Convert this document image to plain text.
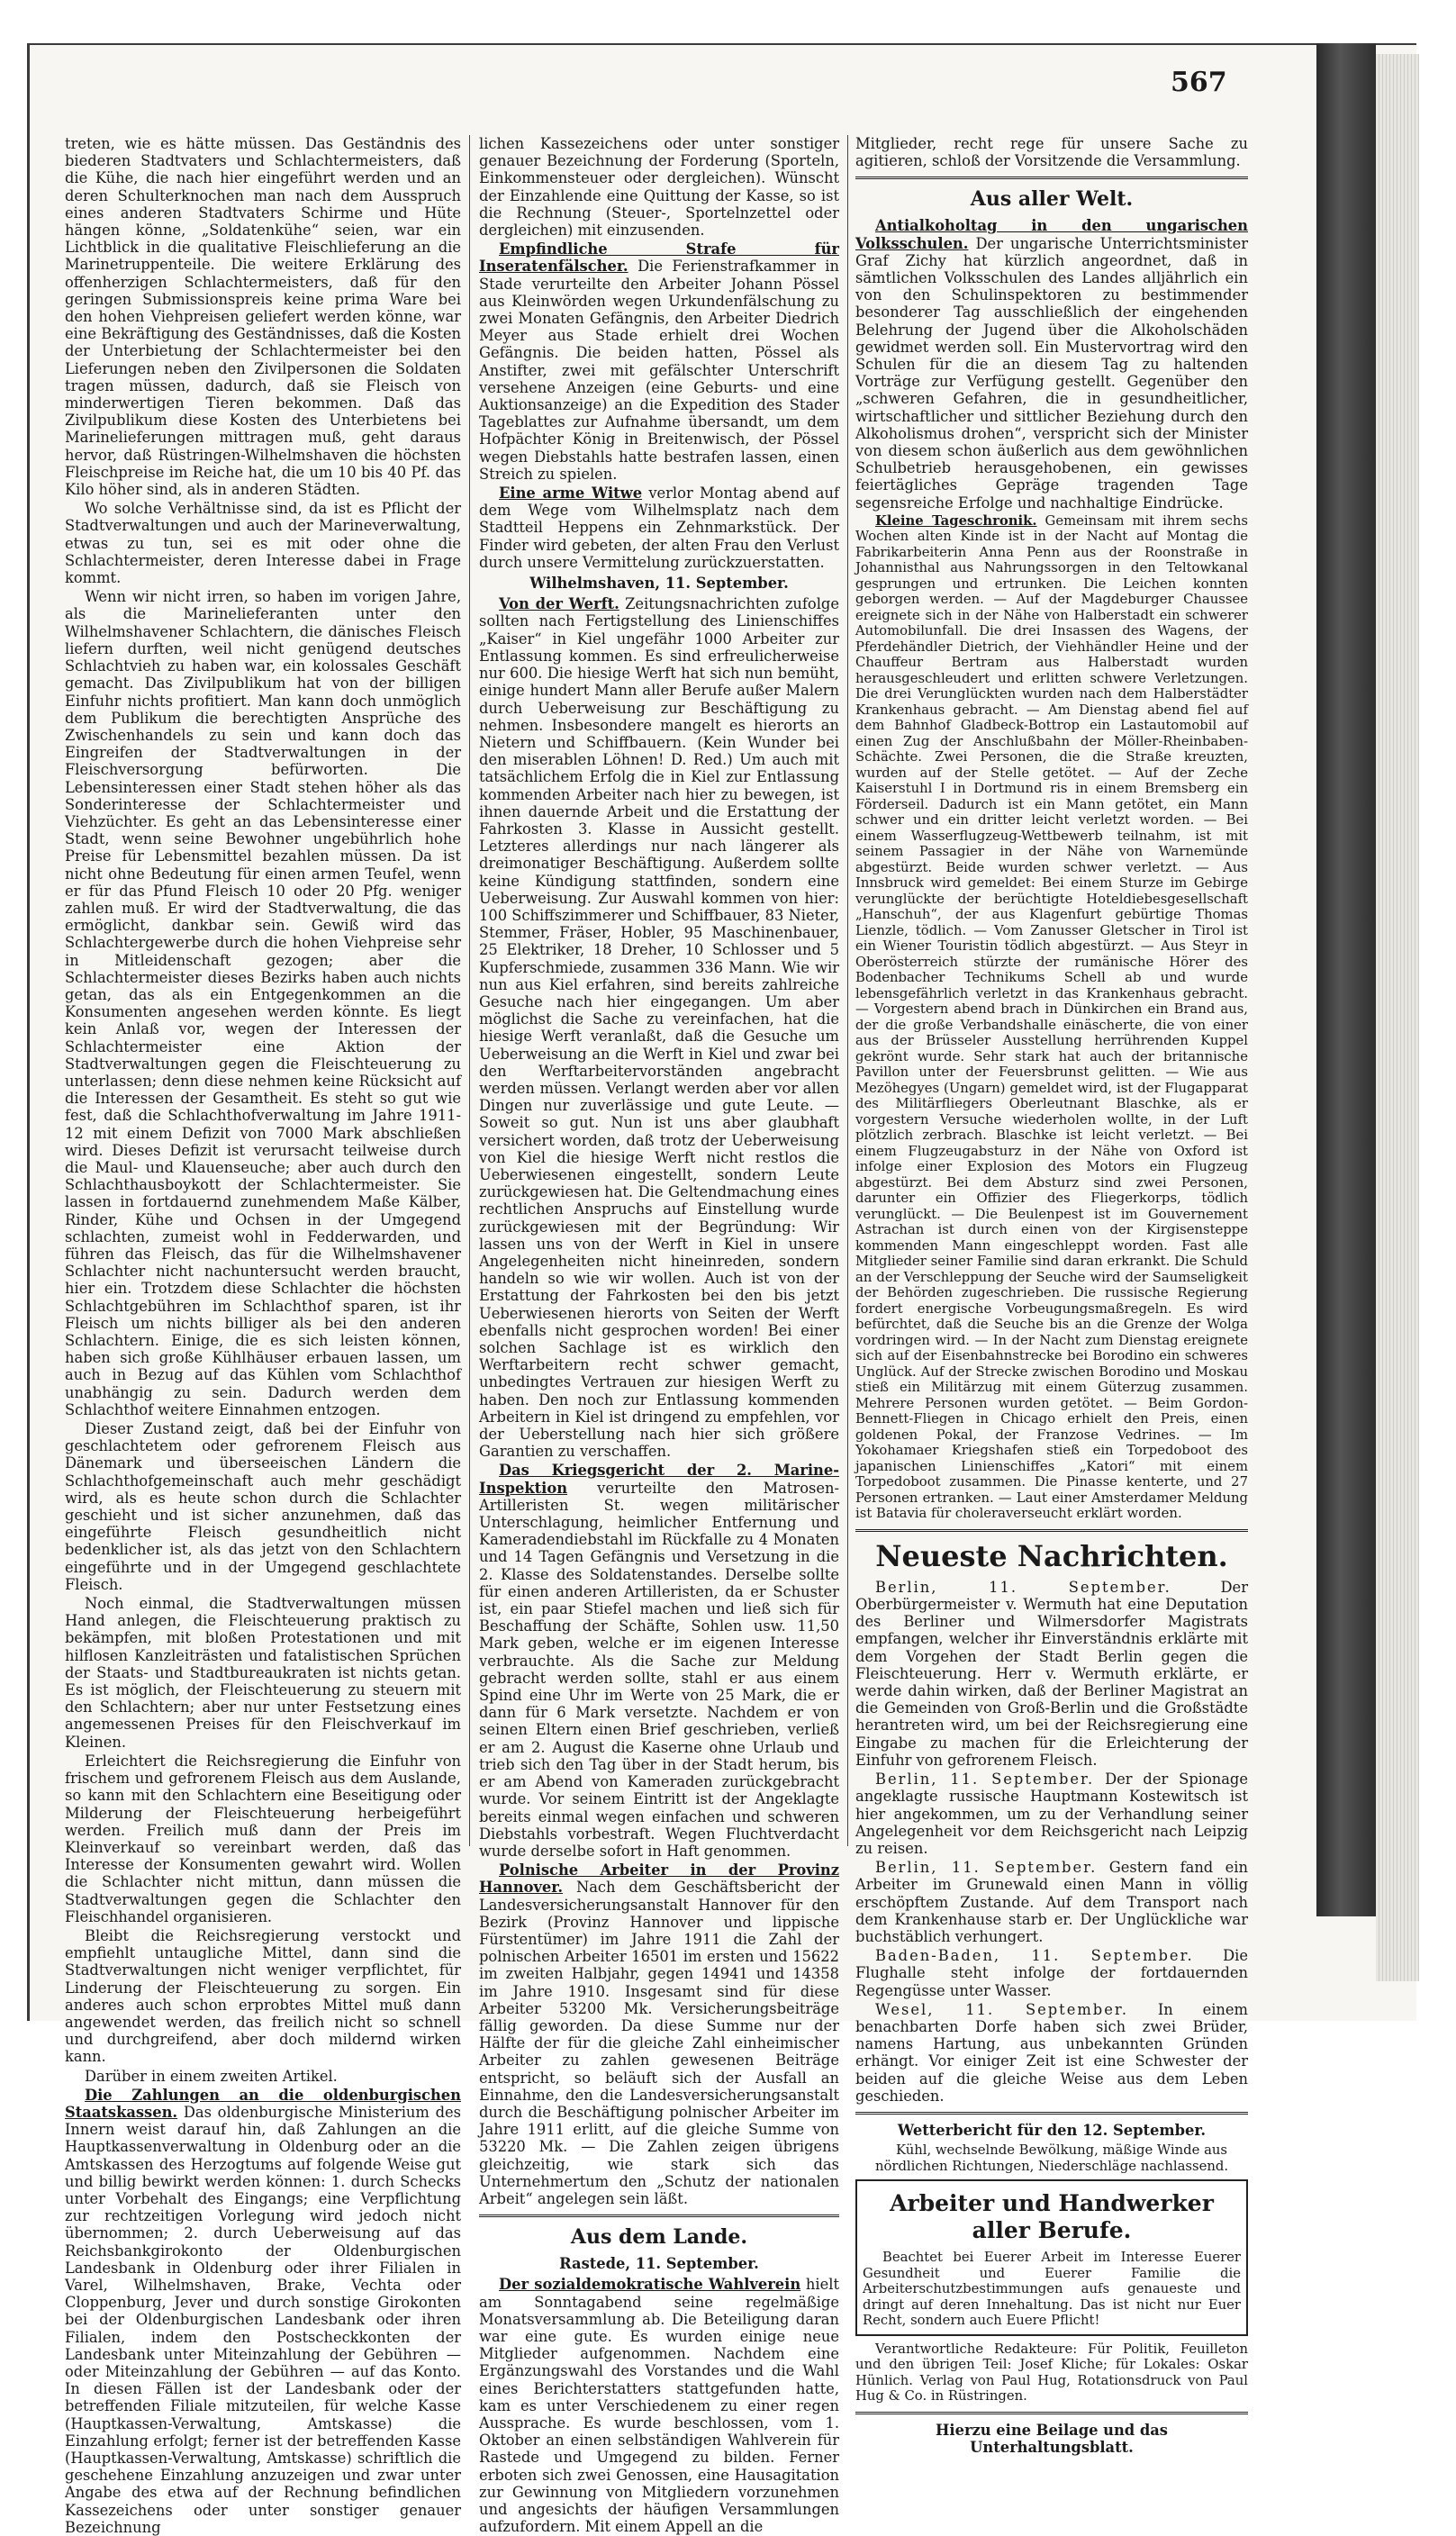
567

treten, wie es hätte müssen. Das Geständnis des biederen Stadtvaters und Schlachtermeisters, daß die Kühe, die nach hier eingeführt werden und an deren Schulterknochen man nach dem Ausspruch eines anderen Stadtvaters Schirme und Hüte hängen könne, „Soldatenkühe“ seien, war ein Lichtblick in die qualitative Fleischlieferung an die Marinetruppenteile. Die weitere Erklärung des offenherzigen Schlachtermeisters, daß für den geringen Submissionspreis keine prima Ware bei den hohen Viehpreisen geliefert werden könne, war eine Bekräftigung des Geständnisses, daß die Kosten der Unterbietung der Schlachtermeister bei den Lieferungen neben den Zivilpersonen die Soldaten tragen müssen, dadurch, daß sie Fleisch von minderwertigen Tieren bekommen. Daß das Zivilpublikum diese Kosten des Unterbietens bei Marinelieferungen mittragen muß, geht daraus hervor, daß Rüstringen-Wilhelmshaven die höchsten Fleischpreise im Reiche hat, die um 10 bis 40 Pf. das Kilo höher sind, als in anderen Städten.

Wo solche Verhältnisse sind, da ist es Pflicht der Stadtverwaltungen und auch der Marineverwaltung, etwas zu tun, sei es mit oder ohne die Schlachtermeister, deren Interesse dabei in Frage kommt.

Wenn wir nicht irren, so haben im vorigen Jahre, als die Marinelieferanten unter den Wilhelmshavener Schlachtern, die dänisches Fleisch liefern durften, weil nicht genügend deutsches Schlachtvieh zu haben war, ein kolossales Geschäft gemacht. Das Zivilpublikum hat von der billigen Einfuhr nichts profitiert. Man kann doch unmöglich dem Publikum die berechtigten Ansprüche des Zwischenhandels zu sein und kann doch das Eingreifen der Stadtverwaltungen in der Fleischversorgung befürworten. Die Lebensinteressen einer Stadt stehen höher als das Sonderinteresse der Schlachtermeister und Viehzüchter. Es geht an das Lebensinteresse einer Stadt, wenn seine Bewohner ungebührlich hohe Preise für Lebensmittel bezahlen müssen. Da ist nicht ohne Bedeutung für einen armen Teufel, wenn er für das Pfund Fleisch 10 oder 20 Pfg. weniger zahlen muß. Er wird der Stadtverwaltung, die das ermöglicht, dankbar sein. Gewiß wird das Schlachtergewerbe durch die hohen Viehpreise sehr in Mitleidenschaft gezogen; aber die Schlachtermeister dieses Bezirks haben auch nichts getan, das als ein Entgegenkommen an die Konsumenten angesehen werden könnte. Es liegt kein Anlaß vor, wegen der Interessen der Schlachtermeister eine Aktion der Stadtverwaltungen gegen die Fleischteuerung zu unterlassen; denn diese nehmen keine Rücksicht auf die Interessen der Gesamtheit. Es steht so gut wie fest, daß die Schlachthofverwaltung im Jahre 1911-12 mit einem Defizit von 7000 Mark abschließen wird. Dieses Defizit ist verursacht teilweise durch die Maul- und Klauenseuche; aber auch durch den Schlachthausboykott der Schlachtermeister. Sie lassen in fortdauernd zunehmendem Maße Kälber, Rinder, Kühe und Ochsen in der Umgegend schlachten, zumeist wohl in Fedderwarden, und führen das Fleisch, das für die Wilhelmshavener Schlachter nicht nachuntersucht werden braucht, hier ein. Trotzdem diese Schlachter die höchsten Schlachtgebühren im Schlachthof sparen, ist ihr Fleisch um nichts billiger als bei den anderen Schlachtern. Einige, die es sich leisten können, haben sich große Kühlhäuser erbauen lassen, um auch in Bezug auf das Kühlen vom Schlachthof unabhängig zu sein. Dadurch werden dem Schlachthof weitere Einnahmen entzogen.

Dieser Zustand zeigt, daß bei der Einfuhr von geschlachtetem oder gefrorenem Fleisch aus Dänemark und überseeischen Ländern die Schlachthofgemeinschaft auch mehr geschädigt wird, als es heute schon durch die Schlachter geschieht und ist sicher anzunehmen, daß das eingeführte Fleisch gesundheitlich nicht bedenklicher ist, als das jetzt von den Schlachtern eingeführte und in der Umgegend geschlachtete Fleisch.

Noch einmal, die Stadtverwaltungen müssen Hand anlegen, die Fleischteuerung praktisch zu bekämpfen, mit bloßen Protestationen und mit hilflosen Kanzleiträsten und fatalistischen Sprüchen der Staats- und Stadtbureaukraten ist nichts getan. Es ist möglich, der Fleischteuerung zu steuern mit den Schlachtern; aber nur unter Festsetzung eines angemessenen Preises für den Fleischverkauf im Kleinen.

Erleichtert die Reichsregierung die Einfuhr von frischem und gefrorenem Fleisch aus dem Auslande, so kann mit den Schlachtern eine Beseitigung oder Milderung der Fleischteuerung herbeigeführt werden. Freilich muß dann der Preis im Kleinverkauf so vereinbart werden, daß das Interesse der Konsumenten gewahrt wird. Wollen die Schlachter nicht mittun, dann müssen die Stadtverwaltungen gegen die Schlachter den Fleischhandel organisieren.

Bleibt die Reichsregierung verstockt und empfiehlt untaugliche Mittel, dann sind die Stadtverwaltungen nicht weniger verpflichtet, für Linderung der Fleischteuerung zu sorgen. Ein anderes auch schon erprobtes Mittel muß dann angewendet werden, das freilich nicht so schnell und durchgreifend, aber doch mildernd wirken kann.

Darüber in einem zweiten Artikel.

Die Zahlungen an die oldenburgischen Staatskassen. Das oldenburgische Ministerium des Innern weist darauf hin, daß Zahlungen an die Hauptkassenverwaltung in Oldenburg oder an die Amtskassen des Herzogtums auf folgende Weise gut und billig bewirkt werden können: 1. durch Schecks unter Vorbehalt des Eingangs; eine Verpflichtung zur rechtzeitigen Vorlegung wird jedoch nicht übernommen; 2. durch Ueberweisung auf das Reichsbankgirokonto der Oldenburgischen Landesbank in Oldenburg oder ihrer Filialen in Varel, Wilhelmshaven, Brake, Vechta oder Cloppenburg, Jever und durch sonstige Girokonten bei der Oldenburgischen Landesbank oder ihren Filialen, indem den Postscheckkonten der Landesbank unter Miteinzahlung der Gebühren — oder Miteinzahlung der Gebühren — auf das Konto. In diesen Fällen ist der Landesbank oder der betreffenden Filiale mitzuteilen, für welche Kasse (Hauptkassen-Verwaltung, Amtskasse) die Einzahlung erfolgt; ferner ist der betreffenden Kasse (Hauptkassen-Verwaltung, Amtskasse) schriftlich die geschehene Einzahlung anzuzeigen und zwar unter Angabe des etwa auf der Rechnung befindlichen Kassezeichens oder unter sonstiger genauer Bezeichnung

lichen Kassezeichens oder unter sonstiger genauer Bezeichnung der Forderung (Sporteln, Einkommensteuer oder dergleichen). Wünscht der Einzahlende eine Quittung der Kasse, so ist die Rechnung (Steuer-, Sportelnzettel oder dergleichen) mit einzusenden.

Empfindliche Strafe für Inseratenfälscher. Die Ferienstrafkammer in Stade verurteilte den Arbeiter Johann Pössel aus Kleinwörden wegen Urkundenfälschung zu zwei Monaten Gefängnis, den Arbeiter Diedrich Meyer aus Stade erhielt drei Wochen Gefängnis. Die beiden hatten, Pössel als Anstifter, zwei mit gefälschter Unterschrift versehene Anzeigen (eine Geburts- und eine Auktionsanzeige) an die Expedition des Stader Tageblattes zur Aufnahme übersandt, um dem Hofpächter König in Breitenwisch, der Pössel wegen Diebstahls hatte bestrafen lassen, einen Streich zu spielen.

Eine arme Witwe verlor Montag abend auf dem Wege vom Wilhelmsplatz nach dem Stadtteil Heppens ein Zehnmarkstück. Der Finder wird gebeten, der alten Frau den Verlust durch unsere Vermittelung zurückzuerstatten.

Wilhelmshaven, 11. September.

Von der Werft. Zeitungsnachrichten zufolge sollten nach Fertigstellung des Linienschiffes „Kaiser“ in Kiel ungefähr 1000 Arbeiter zur Entlassung kommen. Es sind erfreulicherweise nur 600. Die hiesige Werft hat sich nun bemüht, einige hundert Mann aller Berufe außer Malern durch Ueberweisung zur Beschäftigung zu nehmen. Insbesondere mangelt es hierorts an Nietern und Schiffbauern. (Kein Wunder bei den miserablen Löhnen! D. Red.) Um auch mit tatsächlichem Erfolg die in Kiel zur Entlassung kommenden Arbeiter nach hier zu bewegen, ist ihnen dauernde Arbeit und die Erstattung der Fahrkosten 3. Klasse in Aussicht gestellt. Letzteres allerdings nur nach längerer als dreimonatiger Beschäftigung. Außerdem sollte keine Kündigung stattfinden, sondern eine Ueberweisung. Zur Auswahl kommen von hier: 100 Schiffszimmerer und Schiffbauer, 83 Nieter, Stemmer, Fräser, Hobler, 95 Maschinenbauer, 25 Elektriker, 18 Dreher, 10 Schlosser und 5 Kupferschmiede, zusammen 336 Mann. Wie wir nun aus Kiel erfahren, sind bereits zahlreiche Gesuche nach hier eingegangen. Um aber möglichst die Sache zu vereinfachen, hat die hiesige Werft veranlaßt, daß die Gesuche um Ueberweisung an die Werft in Kiel und zwar bei den Werftarbeitervorständen angebracht werden müssen. Verlangt werden aber vor allen Dingen nur zuverlässige und gute Leute. — Soweit so gut. Nun ist uns aber glaubhaft versichert worden, daß trotz der Ueberweisung von Kiel die hiesige Werft nicht restlos die Ueberwiesenen eingestellt, sondern Leute zurückgewiesen hat. Die Geltendmachung eines rechtlichen Anspruchs auf Einstellung wurde zurückgewiesen mit der Begründung: Wir lassen uns von der Werft in Kiel in unsere Angelegenheiten nicht hineinreden, sondern handeln so wie wir wollen. Auch ist von der Erstattung der Fahrkosten bei den bis jetzt Ueberwiesenen hierorts von Seiten der Werft ebenfalls nicht gesprochen worden! Bei einer solchen Sachlage ist es wirklich den Werftarbeitern recht schwer gemacht, unbedingtes Vertrauen zur hiesigen Werft zu haben. Den noch zur Entlassung kommenden Arbeitern in Kiel ist dringend zu empfehlen, vor der Ueberstellung nach hier sich größere Garantien zu verschaffen.

Das Kriegsgericht der 2. Marine-Inspektion verurteilte den Matrosen-Artilleristen St. wegen militärischer Unterschlagung, heimlicher Entfernung und Kameradendiebstahl im Rückfalle zu 4 Monaten und 14 Tagen Gefängnis und Versetzung in die 2. Klasse des Soldatenstandes. Derselbe sollte für einen anderen Artilleristen, da er Schuster ist, ein paar Stiefel machen und ließ sich für Beschaffung der Schäfte, Sohlen usw. 11,50 Mark geben, welche er im eigenen Interesse verbrauchte. Als die Sache zur Meldung gebracht werden sollte, stahl er aus einem Spind eine Uhr im Werte von 25 Mark, die er dann für 6 Mark versetzte. Nachdem er von seinen Eltern einen Brief geschrieben, verließ er am 2. August die Kaserne ohne Urlaub und trieb sich den Tag über in der Stadt herum, bis er am Abend von Kameraden zurückgebracht wurde. Vor seinem Eintritt ist der Angeklagte bereits einmal wegen einfachen und schweren Diebstahls vorbestraft. Wegen Fluchtverdacht wurde derselbe sofort in Haft genommen.

Polnische Arbeiter in der Provinz Hannover. Nach dem Geschäftsbericht der Landesversicherungsanstalt Hannover für den Bezirk (Provinz Hannover und lippische Fürstentümer) im Jahre 1911 die Zahl der polnischen Arbeiter 16501 im ersten und 15622 im zweiten Halbjahr, gegen 14941 und 14358 im Jahre 1910. Insgesamt sind für diese Arbeiter 53200 Mk. Versicherungsbeiträge fällig geworden. Da diese Summe nur der Hälfte der für die gleiche Zahl einheimischer Arbeiter zu zahlen gewesenen Beiträge entspricht, so beläuft sich der Ausfall an Einnahme, den die Landesversicherungsanstalt durch die Beschäftigung polnischer Arbeiter im Jahre 1911 erlitt, auf die gleiche Summe von 53220 Mk. — Die Zahlen zeigen übrigens gleichzeitig, wie stark sich das Unternehmertum den „Schutz der nationalen Arbeit“ angelegen sein läßt.

Aus dem Lande.
Rastede, 11. September.

Der sozialdemokratische Wahlverein hielt am Sonntagabend seine regelmäßige Monatsversammlung ab. Die Beteiligung daran war eine gute. Es wurden einige neue Mitglieder aufgenommen. Nachdem eine Ergänzungswahl des Vorstandes und die Wahl eines Berichterstatters stattgefunden hatte, kam es unter Verschiedenem zu einer regen Aussprache. Es wurde beschlossen, vom 1. Oktober an einen selbständigen Wahlverein für Rastede und Umgegend zu bilden. Ferner erboten sich zwei Genossen, eine Hausagitation zur Gewinnung von Mitgliedern vorzunehmen und angesichts der häufigen Versammlungen aufzufordern. Mit einem Appell an die

Mitglieder, recht rege für unsere Sache zu agitieren, schloß der Vorsitzende die Versammlung.

Aus aller Welt.

Antialkoholtag in den ungarischen Volksschulen. Der ungarische Unterrichtsminister Graf Zichy hat kürzlich angeordnet, daß in sämtlichen Volksschulen des Landes alljährlich ein von den Schulinspektoren zu bestimmender besonderer Tag ausschließlich der eingehenden Belehrung der Jugend über die Alkoholschäden gewidmet werden soll. Ein Mustervortrag wird den Schulen für die an diesem Tag zu haltenden Vorträge zur Verfügung gestellt. Gegenüber den „schweren Gefahren, die in gesundheitlicher, wirtschaftlicher und sittlicher Beziehung durch den Alkoholismus drohen“, verspricht sich der Minister von diesem schon äußerlich aus dem gewöhnlichen Schulbetrieb herausgehobenen, ein gewisses feiertägliches Gepräge tragenden Tage segensreiche Erfolge und nachhaltige Eindrücke.

Kleine Tageschronik. Gemeinsam mit ihrem sechs Wochen alten Kinde ist in der Nacht auf Montag die Fabrikarbeiterin Anna Penn aus der Roonstraße in Johannisthal aus Nahrungssorgen in den Teltowkanal gesprungen und ertrunken. Die Leichen konnten geborgen werden. — Auf der Magdeburger Chaussee ereignete sich in der Nähe von Halberstadt ein schwerer Automobilunfall. Die drei Insassen des Wagens, der Pferdehändler Dietrich, der Viehhändler Heine und der Chauffeur Bertram aus Halberstadt wurden herausgeschleudert und erlitten schwere Verletzungen. Die drei Verunglückten wurden nach dem Halberstädter Krankenhaus gebracht. — Am Dienstag abend fiel auf dem Bahnhof Gladbeck-Bottrop ein Lastautomobil auf einen Zug der Anschlußbahn der Möller-Rheinbaben-Schächte. Zwei Personen, die die Straße kreuzten, wurden auf der Stelle getötet. — Auf der Zeche Kaiserstuhl I in Dortmund ris in einem Bremsberg ein Förderseil. Dadurch ist ein Mann getötet, ein Mann schwer und ein dritter leicht verletzt worden. — Bei einem Wasserflugzeug-Wettbewerb teilnahm, ist mit seinem Passagier in der Nähe von Warnemünde abgestürzt. Beide wurden schwer verletzt. — Aus Innsbruck wird gemeldet: Bei einem Sturze im Gebirge verunglückte der berüchtigte Hoteldiebesgesellschaft „Hanschuh“, der aus Klagenfurt gebürtige Thomas Lienzle, tödlich. — Vom Zanusser Gletscher in Tirol ist ein Wiener Touristin tödlich abgestürzt. — Aus Steyr in Oberösterreich stürzte der rumänische Hörer des Bodenbacher Technikums Schell ab und wurde lebensgefährlich verletzt in das Krankenhaus gebracht. — Vorgestern abend brach in Dünkirchen ein Brand aus, der die große Verbandshalle einäscherte, die von einer aus der Brüsseler Ausstellung herrührenden Kuppel gekrönt wurde. Sehr stark hat auch der britannische Pavillon unter der Feuersbrunst gelitten. — Wie aus Mezöhegyes (Ungarn) gemeldet wird, ist der Flugapparat des Militärfliegers Oberleutnant Blaschke, als er vorgestern Versuche wiederholen wollte, in der Luft plötzlich zerbrach. Blaschke ist leicht verletzt. — Bei einem Flugzeugabsturz in der Nähe von Oxford ist infolge einer Explosion des Motors ein Flugzeug abgestürzt. Bei dem Absturz sind zwei Personen, darunter ein Offizier des Fliegerkorps, tödlich verunglückt. — Die Beulenpest ist im Gouvernement Astrachan ist durch einen von der Kirgisensteppe kommenden Mann eingeschleppt worden. Fast alle Mitglieder seiner Familie sind daran erkrankt. Die Schuld an der Verschleppung der Seuche wird der Saumseligkeit der Behörden zugeschrieben. Die russische Regierung fordert energische Vorbeugungsmaßregeln. Es wird befürchtet, daß die Seuche bis an die Grenze der Wolga vordringen wird. — In der Nacht zum Dienstag ereignete sich auf der Eisenbahnstrecke bei Borodino ein schweres Unglück. Auf der Strecke zwischen Borodino und Moskau stieß ein Militärzug mit einem Güterzug zusammen. Mehrere Personen wurden getötet. — Beim Gordon-Bennett-Fliegen in Chicago erhielt den Preis, einen goldenen Pokal, der Franzose Vedrines. — Im Yokohamaer Kriegshafen stieß ein Torpedoboot des japanischen Linienschiffes „Katori“ mit einem Torpedoboot zusammen. Die Pinasse kenterte, und 27 Personen ertranken. — Laut einer Amsterdamer Meldung ist Batavia für choleraverseucht erklärt worden.

Neueste Nachrichten.

Berlin, 11. September.	Der Oberbürgermeister v. Wermuth hat eine Deputation des Berliner und Wilmersdorfer Magistrats empfangen, welcher ihr Einverständnis erklärte mit dem Vorgehen der Stadt Berlin gegen die Fleischteuerung. Herr v. Wermuth erklärte, er werde dahin wirken, daß der Berliner Magistrat an die Gemeinden von Groß-Berlin und die Großstädte herantreten wird, um bei der Reichsregierung eine Eingabe zu machen für die Erleichterung der Einfuhr von gefrorenem Fleisch.

Berlin, 11. September. Der der Spionage angeklagte russische Hauptmann Kostewitsch ist hier angekommen, um zu der Verhandlung seiner Angelegenheit vor dem Reichsgericht nach Leipzig zu reisen.

Berlin, 11. September. Gestern fand ein Arbeiter im Grunewald einen Mann in völlig erschöpftem Zustande. Auf dem Transport nach dem Krankenhause starb er. Der Unglückliche war buchstäblich verhungert.

Baden-Baden, 11. September. Die Flughalle steht infolge der fortdauernden Regengüsse unter Wasser.

Wesel, 11. September. In einem benachbarten Dorfe haben sich zwei Brüder, namens Hartung, aus unbekannten Gründen erhängt. Vor einiger Zeit ist eine Schwester der beiden auf die gleiche Weise aus dem Leben geschieden.

Wetterbericht für den 12. September.

Kühl, wechselnde Bewölkung, mäßige Winde aus nördlichen Richtungen, Niederschläge nachlassend.

Arbeiter und Handwerker aller Berufe.

Beachtet bei Euerer Arbeit im Interesse Euerer Gesundheit und Euerer Familie die Arbeiterschutzbestimmungen aufs genaueste und dringt auf deren Innehaltung. Das ist nicht nur Euer Recht, sondern auch Euere Pflicht!

Verantwortliche Redakteure: Für Politik, Feuilleton und den übrigen Teil: Josef Kliche; für Lokales: Oskar Hünlich. Verlag von Paul Hug, Rotationsdruck von Paul Hug & Co. in Rüstringen.

Hierzu eine Beilage und das Unterhaltungsblatt.
